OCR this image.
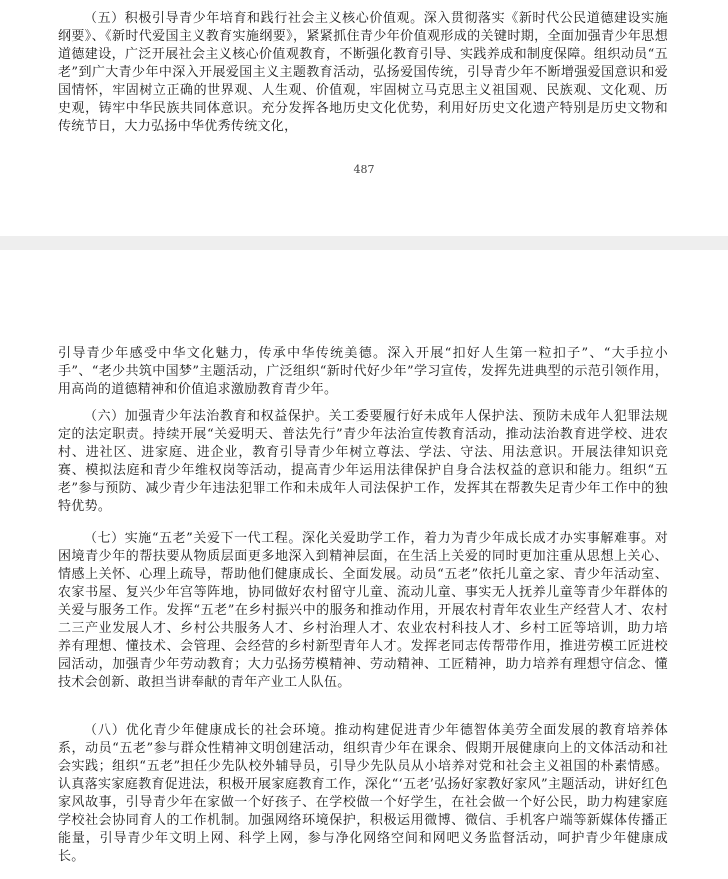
（五）积极引导青少年培育和践行社会主义核心价值观。深入贯彻落实《新时代公民道德建设实施纲要》、《新时代爱国主义教育实施纲要》，紧紧抓住青少年价值观形成的关键时期，全面加强青少年思想道德建设，广泛开展社会主义核心价值观教育，不断强化教育引导、实践养成和制度保障。组织动员“五老”到广大青少年中深入开展爱国主义主题教育活动，弘扬爱国传统，引导青少年不断增强爱国意识和爱国情怀，牢固树立正确的世界观、人生观、价值观，牢固树立马克思主义祖国观、民族观、文化观、历史观，铸牢中华民族共同体意识。充分发挥各地历史文化优势，利用好历史文化遗产特别是历史文物和传统节日，大力弘扬中华优秀传统文化，

487

引导青少年感受中华文化魅力，传承中华传统美德。深入开展“扣好人生第一粒扣子”、“大手拉小手”、“老少共筑中国梦”主题活动，广泛组织“新时代好少年”学习宣传，发挥先进典型的示范引领作用，用高尚的道德精神和价值追求激励教育青少年。

（六）加强青少年法治教育和权益保护。关工委要履行好未成年人保护法、预防未成年人犯罪法规定的法定职责。持续开展“关爱明天、普法先行”青少年法治宣传教育活动，推动法治教育进学校、进农村、进社区、进家庭、进企业，教育引导青少年树立尊法、学法、守法、用法意识。开展法律知识竞赛、模拟法庭和青少年维权岗等活动，提高青少年运用法律保护自身合法权益的意识和能力。组织“五老”参与预防、减少青少年违法犯罪工作和未成年人司法保护工作，发挥其在帮教失足青少年工作中的独特优势。

（七）实施“五老”关爱下一代工程。深化关爱助学工作，着力为青少年成长成才办实事解难事。对困境青少年的帮扶要从物质层面更多地深入到精神层面，在生活上关爱的同时更加注重从思想上关心、情感上关怀、心理上疏导，帮助他们健康成长、全面发展。动员“五老”依托儿童之家、青少年活动室、农家书屋、复兴少年宫等阵地，协同做好农村留守儿童、流动儿童、事实无人抚养儿童等青少年群体的关爱与服务工作。发挥“五老”在乡村振兴中的服务和推动作用，开展农村青年农业生产经营人才、农村二三产业发展人才、乡村公共服务人才、乡村治理人才、农业农村科技人才、乡村工匠等培训，助力培养有理想、懂技术、会管理、会经营的乡村新型青年人才。发挥老同志传帮带作用，推进劳模工匠进校园活动，加强青少年劳动教育；大力弘扬劳模精神、劳动精神、工匠精神，助力培养有理想守信念、懂技术会创新、敢担当讲奉献的青年产业工人队伍。

（八）优化青少年健康成长的社会环境。推动构建促进青少年德智体美劳全面发展的教育培养体系，动员“五老”参与群众性精神文明创建活动，组织青少年在课余、假期开展健康向上的文体活动和社会实践；组织“五老”担任少先队校外辅导员，引导少先队员从小培养对党和社会主义祖国的朴素情感。认真落实家庭教育促进法，积极开展家庭教育工作，深化“‘五老’弘扬好家教好家风”主题活动，讲好红色家风故事，引导青少年在家做一个好孩子、在学校做一个好学生，在社会做一个好公民，助力构建家庭学校社会协同育人的工作机制。加强网络环境保护，积极运用微博、微信、手机客户端等新媒体传播正能量，引导青少年文明上网、科学上网，参与净化网络空间和网吧义务监督活动，呵护青少年健康成长。
